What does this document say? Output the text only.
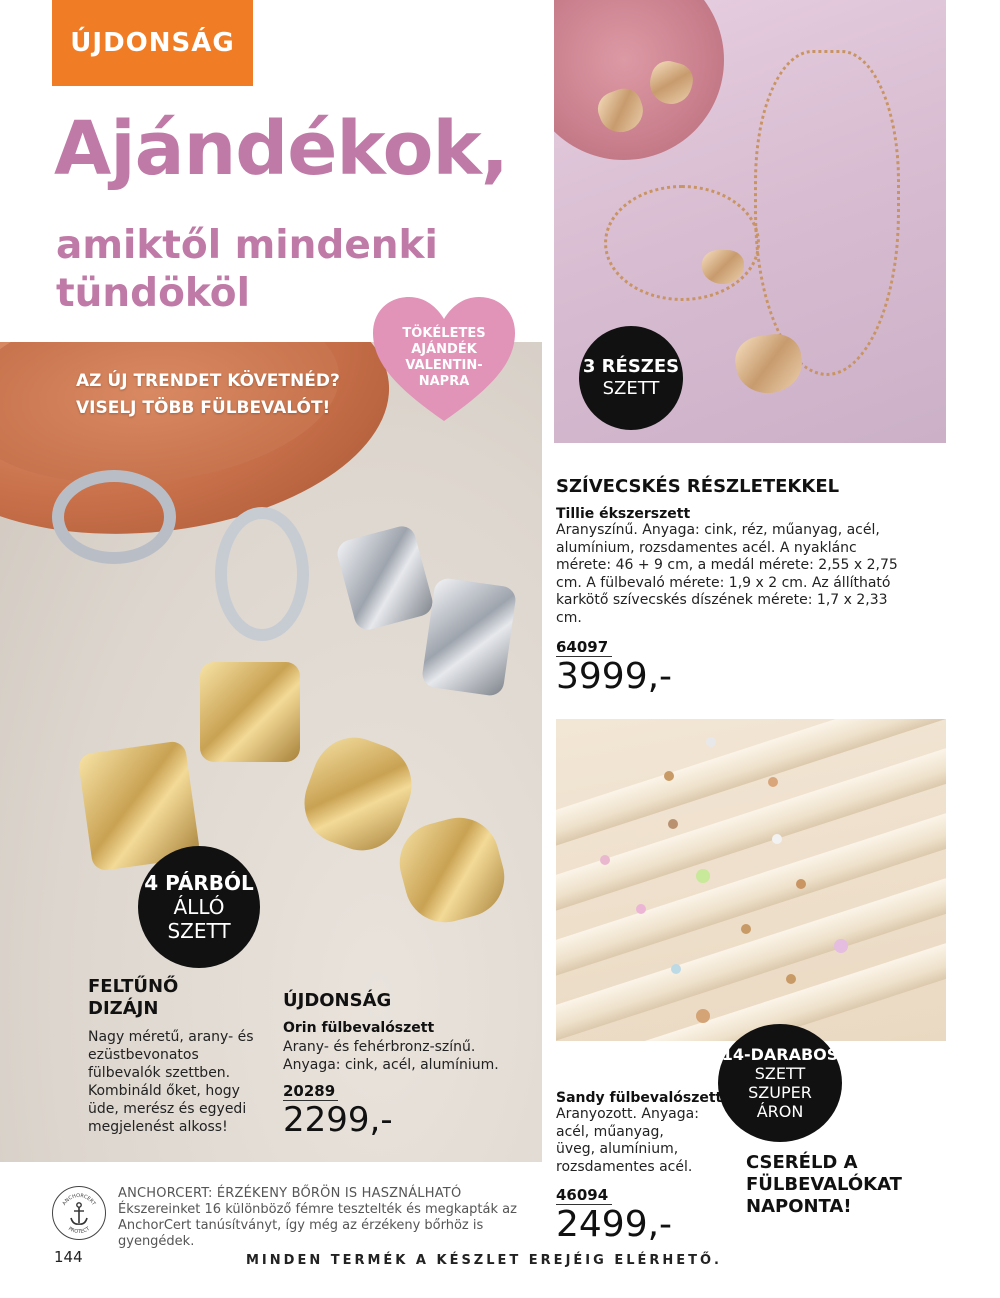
ÚJDONSÁG
Ajándékok,
amiktől mindenki
tündököl
AZ ÚJ TRENDET KÖVETNÉD?
VISELJ TÖBB FÜLBEVALÓT!
TÖKÉLETES
AJÁNDÉK
VALENTIN-
NAPRA
4 PÁRBÓL
ÁLLÓ
SZETT
FELTŰNŐ
DIZÁJN
Nagy méretű, arany- és ezüstbevonatos fülbevalók szettben. Kombináld őket, hogy üde, merész és egyedi megjelenést alkoss!
ÚJDONSÁG
Orin fülbevalószett
Arany- és fehérbronz-színű.
Anyaga: cink, acél, alumínium.
20289
2299,-
3 RÉSZES
SZETT
SZÍVECSKÉS RÉSZLETEKKEL
Tillie ékszerszett
Aranyszínű. Anyaga: cink, réz, műanyag, acél, alumínium, rozsdamentes acél. A nyaklánc mérete: 46 + 9 cm, a medál mérete: 2,55 x 2,75 cm. A fülbevaló mérete: 1,9 x 2 cm. Az állítható karkötő szívecskés díszének mérete: 1,7 x 2,33 cm.
64097
3999,-
14-DARABOS
SZETT
SZUPER
ÁRON
Sandy fülbevalószett
Aranyozott. Anyaga:
acél, műanyag,
üveg, alumínium,
rozsdamentes acél.
46094
2499,-
CSERÉLD A
FÜLBEVALÓKAT
NAPONTA!
ANCHORCERT
PROTECT
ANCHORCERT: ÉRZÉKENY BŐRÖN IS HASZNÁLHATÓ
Ékszereinket 16 különböző fémre tesztelték és megkapták az
AnchorCert tanúsítványt, így még az érzékeny bőrhöz is gyengédek.
144	MINDEN TERMÉK A KÉSZLET EREJÉIG ELÉRHETŐ.
